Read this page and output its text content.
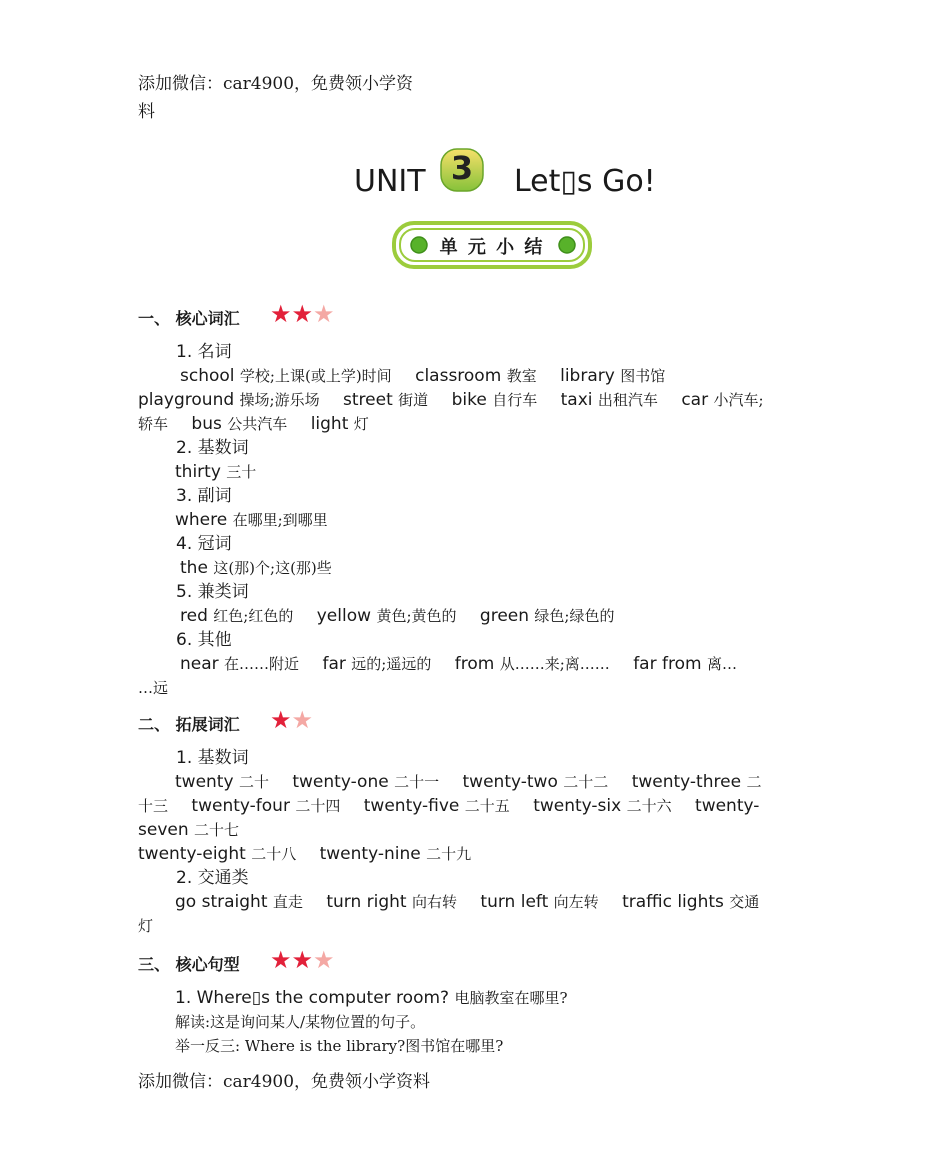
添加微信：car4900，免费领小学资
料
UNIT 3	Let▯s Go!
单 元 小 结
一、 核心词汇 ★★★
1. 名词
school 学校;上课(或上学)时间 classroom 教室 library 图书馆
playground 操场;游乐场 street 街道 bike 自行车 taxi 出租汽车 car 小汽车;
轿车 bus 公共汽车 light 灯
2. 基数词
thirty 三十
3. 副词
where 在哪里;到哪里
4. 冠词
the 这(那)个;这(那)些
5. 兼类词
red 红色;红色的 yellow 黄色;黄色的 green 绿色;绿色的
6. 其他
near 在……附近 far 远的;遥远的 from 从……来;离…… far from 离…
…远
二、 拓展词汇 ★★
1. 基数词
twenty 二十 twenty-one 二十一 twenty-two 二十二 twenty-three 二
十三 twenty-four 二十四 twenty-five 二十五 twenty-six 二十六 twenty-
seven 二十七
twenty-eight 二十八 twenty-nine 二十九
2. 交通类
go straight 直走 turn right 向右转 turn left 向左转 traffic lights 交通
灯
三、 核心句型 ★★★
1. Where▯s the computer room? 电脑教室在哪里?
解读:这是询问某人/某物位置的句子。
举一反三: Where is the library?图书馆在哪里?
添加微信：car4900，免费领小学资料
